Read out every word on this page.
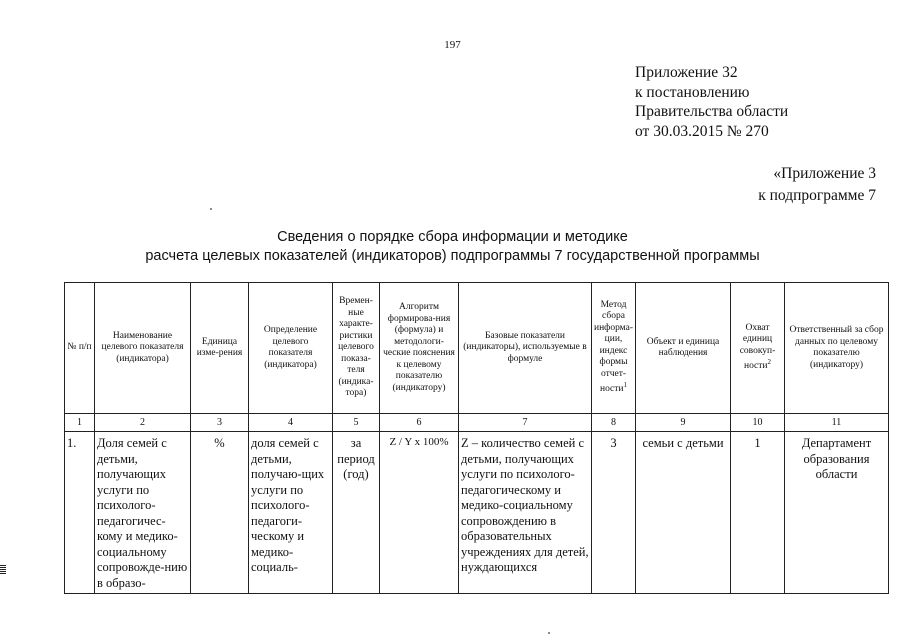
197
Приложение 32
к постановлению
Правительства области
от 30.03.2015 № 270
«Приложение 3
к подпрограмме 7
Сведения о порядке сбора информации и методике
расчета целевых показателей (индикаторов) подпрограммы 7 государственной программы
№ п/п	Наименование целевого показателя (индикатора)	Единица изме-рения	Определение целевого показателя (индикатора)	Времен-ные характе-ристики целевого показа-теля (индика-тора)	Алгоритм формирова-ния (формула) и методологи-ческие пояснения к целевому показателю (индикатору)	Базовые показатели (индикаторы), используемые в формуле	Метод сбора информа-ции, индекс формы отчет-ности$^1$	Объект и единица наблюдения	Охват единиц совокуп-ности$^2$	Ответственный за сбор данных по целевому показателю (индикатору)
1	2	3	4	5	6	7	8	9	10	11
1.	Доля семей с детьми, получающих услуги по психолого-педагогичес-кому и медико-социальному сопровожде-нию в образо-	%	доля семей с детьми, получаю-щих услуги по психолого-педагоги-ческому и медико-социаль-	за период (год)	Z / Y x 100%	Z – количество семей с детьми, получающих услуги по психолого-педагогическому и медико-социальному сопровождению в образовательных учреждениях для детей, нуждающихся	3	семьи с детьми	1	Департамент образования области
